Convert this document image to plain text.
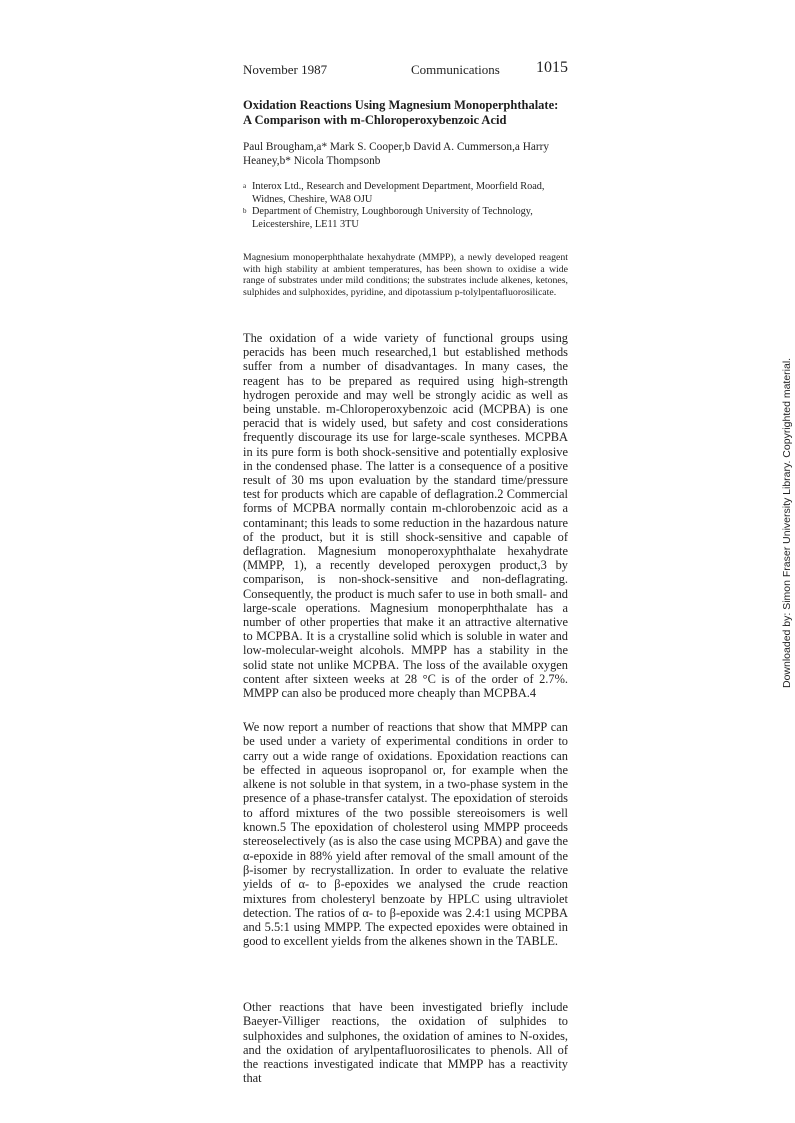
November 1987	Communications 1015
Oxidation Reactions Using Magnesium Monoperphthalate: A Comparison with m-Chloroperoxybenzoic Acid
Paul Brougham,a* Mark S. Cooper,b David A. Cummerson,a Harry Heaney,b* Nicola Thompsonb
a Interox Ltd., Research and Development Department, Moorfield Road, Widnes, Cheshire, WA8 OJU
b Department of Chemistry, Loughborough University of Technology, Leicestershire, LE11 3TU
Magnesium monoperphthalate hexahydrate (MMPP), a newly developed reagent with high stability at ambient temperatures, has been shown to oxidise a wide range of substrates under mild conditions; the substrates include alkenes, ketones, sulphides and sulphoxides, pyridine, and dipotassium p-tolylpentafluorosilicate.

The oxidation of a wide variety of functional groups using peracids has been much researched,1 but established methods suffer from a number of disadvantages. In many cases, the reagent has to be prepared as required using high-strength hydrogen peroxide and may well be strongly acidic as well as being unstable. m-Chloroperoxybenzoic acid (MCPBA) is one peracid that is widely used, but safety and cost considerations frequently discourage its use for large-scale syntheses. MCPBA in its pure form is both shock-sensitive and potentially explosive in the condensed phase. The latter is a consequence of a positive result of 30 ms upon evaluation by the standard time/pressure test for products which are capable of deflagration.2 Commercial forms of MCPBA normally contain m-chlorobenzoic acid as a contaminant; this leads to some reduction in the hazardous nature of the product, but it is still shock-sensitive and capable of deflagration. Magnesium monoperoxyphthalate hexahydrate (MMPP, 1), a recently developed peroxygen product,3 by comparison, is non-shock-sensitive and non-deflagrating. Consequently, the product is much safer to use in both small- and large-scale operations. Magnesium monoperphthalate has a number of other properties that make it an attractive alternative to MCPBA. It is a crystalline solid which is soluble in water and low-molecular-weight alcohols. MMPP has a stability in the solid state not unlike MCPBA. The loss of the available oxygen content after sixteen weeks at 28 °C is of the order of 2.7%. MMPP can also be produced more cheaply than MCPBA.4

We now report a number of reactions that show that MMPP can be used under a variety of experimental conditions in order to carry out a wide range of oxidations. Epoxidation reactions can be effected in aqueous isopropanol or, for example when the alkene is not soluble in that system, in a two-phase system in the presence of a phase-transfer catalyst. The epoxidation of steroids to afford mixtures of the two possible stereoisomers is well known.5 The epoxidation of cholesterol using MMPP proceeds stereoselectively (as is also the case using MCPBA) and gave the α-epoxide in 88% yield after removal of the small amount of the β-isomer by recrystallization. In order to evaluate the relative yields of α- to β-epoxides we analysed the crude reaction mixtures from cholesteryl benzoate by HPLC using ultraviolet detection. The ratios of α- to β-epoxide was 2.4:1 using MCPBA and 5.5:1 using MMPP. The expected epoxides were obtained in good to excellent yields from the alkenes shown in the TABLE.

Other reactions that have been investigated briefly include Baeyer-Villiger reactions, the oxidation of sulphides to sulphoxides and sulphones, the oxidation of amines to N-oxides, and the oxidation of arylpentafluorosilicates to phenols. All of the reactions investigated indicate that MMPP has a reactivity that

Downloaded by: Simon Fraser University Library. Copyrighted material.
